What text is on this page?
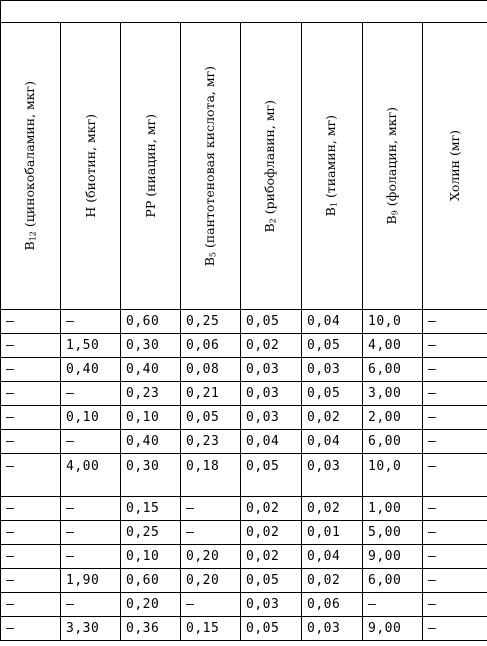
$B_{12}$ (цинокобаламин, мкг)	Н (биотин, мкг)	РР (ниацин, мг)	$B_5$ (пантотеновая кислота, мг)	$B_2$ (рибофлавин, мг)	$B_1$ (тиамин, мг)	$B_9$ (фолацин, мкг)	Холин (мг)

—	—	0,60	0,25	0,05	0,04	10,0	—
—	1,50	0,30	0,06	0,02	0,05	4,00	—
—	0,40	0,40	0,08	0,03	0,03	6,00	—
—	—	0,23	0,21	0,03	0,05	3,00	—
—	0,10	0,10	0,05	0,03	0,02	2,00	—
—	—	0,40	0,23	0,04	0,04	6,00	—
—	4,00	0,30	0,18	0,05	0,03	10,0	—
—	—	0,15	—	0,02	0,02	1,00	—
—	—	0,25	—	0,02	0,01	5,00	—
—	—	0,10	0,20	0,02	0,04	9,00	—
—	1,90	0,60	0,20	0,05	0,02	6,00	—
—	—	0,20	—	0,03	0,06	—	—
—	3,30	0,36	0,15	0,05	0,03	9,00	—
